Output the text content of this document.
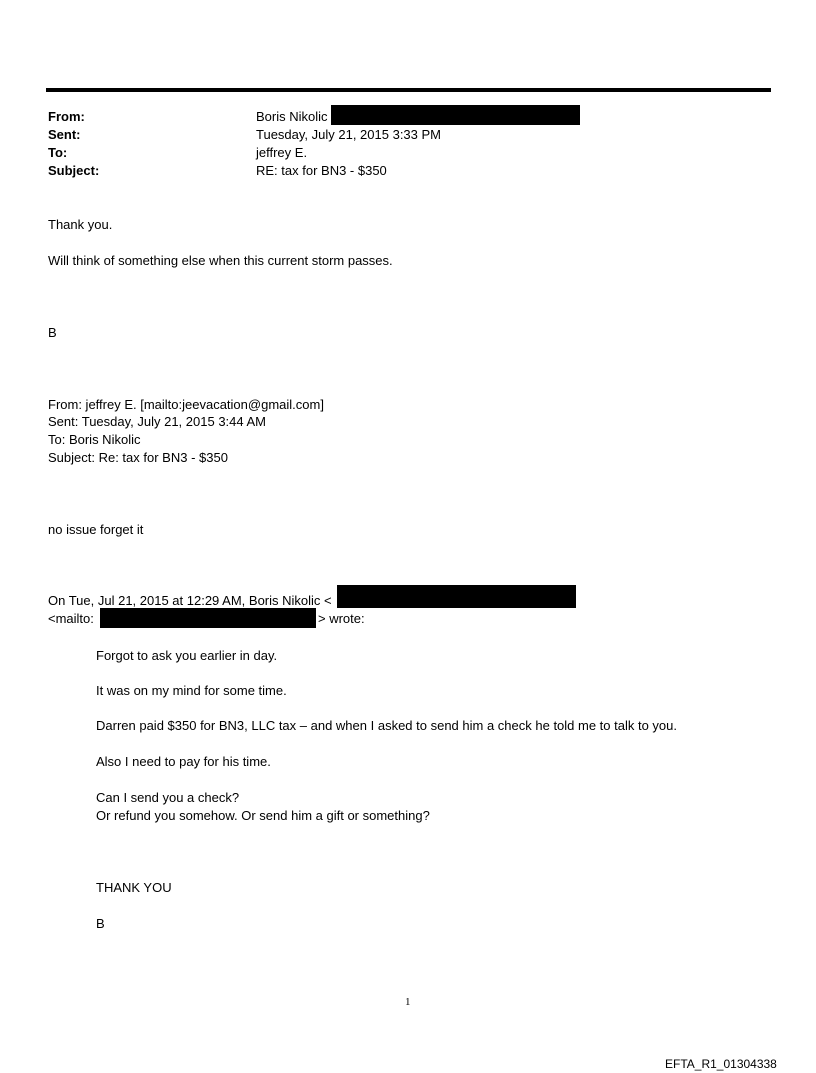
From:	Boris Nikolic
Sent:	Tuesday, July 21, 2015 3:33 PM
To:	jeffrey E.
Subject:	RE: tax for BN3 - $350
Thank you.
Will think of something else when this current storm passes.
B
From: jeffrey E. [mailto:jeevacation@gmail.com]
Sent: Tuesday, July 21, 2015 3:44 AM
To: Boris Nikolic
Subject: Re: tax for BN3 - $350
no issue forget it
On Tue, Jul 21, 2015 at 12:29 AM, Boris Nikolic <
<mailto:	> wrote:
Forgot to ask you earlier in day.
It was on my mind for some time.
Darren paid $350 for BN3, LLC tax – and when I asked to send him a check he told me to talk to you.
Also I need to pay for his time.
Can I send you a check?
Or refund you somehow. Or send him a gift or something?
THANK YOU
B
1
EFTA_R1_01304338
